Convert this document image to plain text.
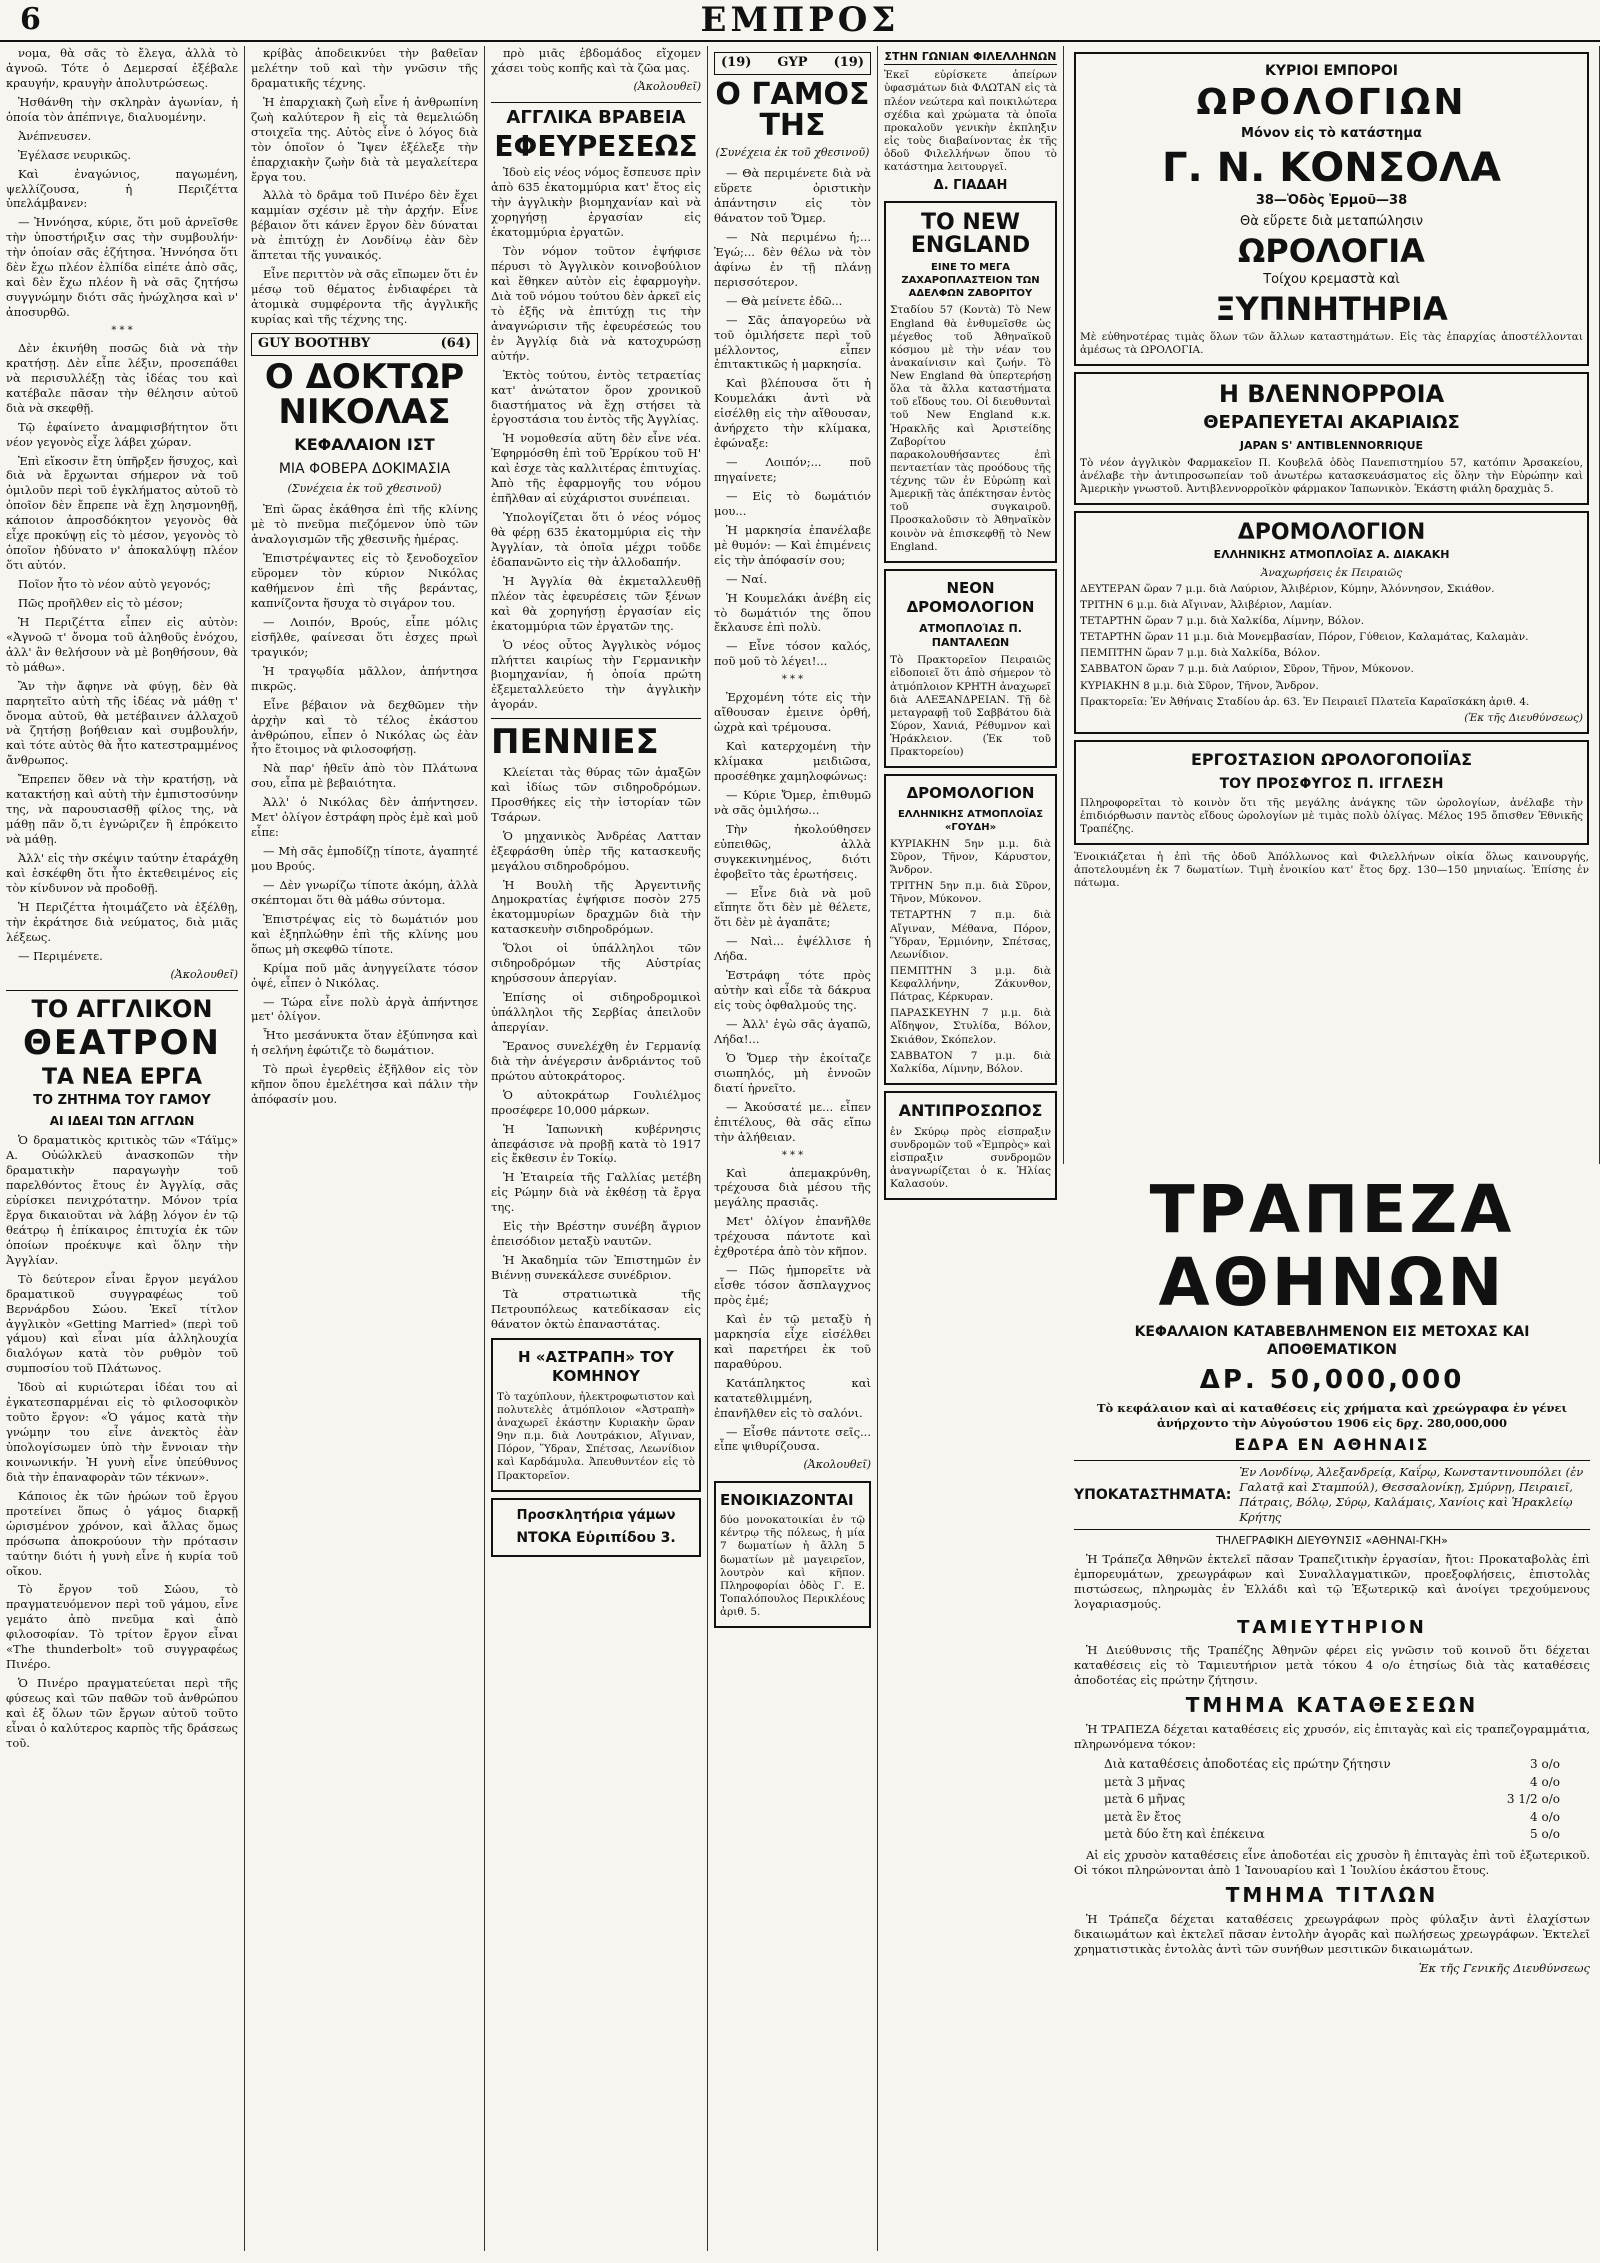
6	ΕΜΠΡΟΣ

νομα, θὰ σᾶς τὸ ἔλεγα, ἀλλὰ τὸ ἀγνοῶ. Τότε ὁ Δεμερσαί ἐξέβαλε κραυγήν, κραυγὴν ἀπολυτρώσεως.

Ἠσθάνθη τὴν σκληρὰν ἀγωνίαν, ἡ ὁποία τὸν ἀπέπνιγε, διαλυομένην.

Ἀνέπνευσεν.

Ἐγέλασε νευρικῶς.

Καὶ ἐναγώνιος, παγωμένη, ψελλίζουσα, ἡ Περιζέττα ὑπελάμβανεν:

— Ἠννόησα, κύριε, ὅτι μοῦ ἀρνεῖσθε τὴν ὑποστήριξιν σας τὴν συμβουλήν· τὴν ὁποίαν σᾶς ἐζήτησα. Ἠννόησα ὅτι δὲν ἔχω πλέον ἐλπίδα εἰπέτε ἀπὸ σᾶς, καὶ δὲν ἔχω πλέον ἢ νὰ σᾶς ζητήσω συγγνώμην διότι σᾶς ἠνώχλησα καὶ ν' ἀποσυρθῶ.

* * *

Δὲν ἐκινήθη ποσῶς διὰ νὰ τὴν κρατήσῃ. Δὲν εἶπε λέξιν, προσεπάθει νὰ περισυλλέξῃ τὰς ἰδέας του καὶ κατέβαλε πᾶσαν τὴν θέλησιν αὐτοῦ διὰ νὰ σκεφθῇ.

Τῷ ἐφαίνετο ἀναμφισβήτητον ὅτι νέον γεγονὸς εἶχε λάβει χώραν.

Ἐπὶ εἴκοσιν ἔτη ὑπῆρξεν ἥσυχος, καὶ διὰ νὰ ἔρχωνται σήμερον νὰ τοῦ ὁμιλοῦν περὶ τοῦ ἐγκλήματος αὐτοῦ τὸ ὁποῖον δὲν ἔπρεπε νὰ ἔχῃ λησμονηθῇ, κάποιον ἀπροσδόκητον γεγονὸς θὰ εἶχε προκύψῃ εἰς τὸ μέσον, γεγονὸς τὸ ὁποῖον ἠδύνατο ν' ἀποκαλύψῃ πλέον ὅτι αὐτόν.

Ποῖον ἦτο τὸ νέον αὐτὸ γεγονός;

Πῶς προῆλθεν εἰς τὸ μέσον;

Ἡ Περιζέττα εἶπεν εἰς αὐτὸν: «Ἀγνοῶ τ' ὄνομα τοῦ ἀληθοῦς ἐνόχου, ἀλλ' ἂν θελήσουν νὰ μὲ βοηθήσουν, θὰ τὸ μάθω».

Ἂν τὴν ἄφηνε νὰ φύγῃ, δὲν θὰ παρητεῖτο αὐτὴ τῆς ἰδέας νὰ μάθῃ τ' ὄνομα αὐτοῦ, θὰ μετέβαινεν ἀλλαχοῦ νὰ ζητήσῃ βοήθειαν καὶ συμβουλήν, καὶ τότε αὐτὸς θὰ ἦτο κατεστραμμένος ἄνθρωπος.

Ἔπρεπεν ὅθεν νὰ τὴν κρατήσῃ, νὰ κατακτήσῃ καὶ αὐτὴ τὴν ἐμπιστοσύνην της, νὰ παρουσιασθῇ φίλος της, νὰ μάθῃ πᾶν ὅ,τι ἐγνώριζεν ἢ ἐπρόκειτο νὰ μάθῃ.

Ἀλλ' εἰς τὴν σκέψιν ταύτην ἐταράχθη καὶ ἐσκέφθη ὅτι ἦτο ἐκτεθειμένος εἰς τὸν κίνδυνον νὰ προδοθῇ.

Ἡ Περιζέττα ἡτοιμάζετο νὰ ἐξέλθῃ, τὴν ἐκράτησε διὰ νεύματος, διὰ μιᾶς λέξεως.

— Περιμένετε.

(Ἀκολουθεῖ)
ΤΟ ΑΓΓΛΙΚΟΝ
ΘΕΑΤΡΟΝ
ΤΑ ΝΕΑ ΕΡΓΑ
ΤΟ ΖΗΤΗΜΑ ΤΟΥ ΓΑΜΟΥ
ΑΙ ΙΔΕΑΙ ΤΩΝ ΑΓΓΛΩΝ

Ὁ δραματικὸς κριτικὸς τῶν «Τάϊμς» Α. Οὐώλκλεϋ ἀνασκοπῶν τὴν δραματικὴν παραγωγὴν τοῦ παρελθόντος ἔτους ἐν Ἀγγλίᾳ, σᾶς εὑρίσκει πενιχρότατην. Μόνον τρία ἔργα δικαιοῦται νὰ λάβῃ λόγον ἐν τῷ θεάτρῳ ἡ ἐπίκαιρος ἐπιτυχία ἐκ τῶν ὁποίων προέκυψε καὶ ὅλην τὴν Ἀγγλίαν.

Τὸ δεύτερον εἶναι ἔργον μεγάλου δραματικοῦ συγγραφέως τοῦ Βερνάρδου Σώου. Ἐκεῖ τίτλον ἀγγλικὸν «Getting Married» (περὶ τοῦ γάμου) καὶ εἶναι μία ἀλληλουχία διαλόγων κατὰ τὸν ρυθμὸν τοῦ συμποσίου τοῦ Πλάτωνος.

Ἰδοὺ αἱ κυριώτεραι ἰδέαι του αἱ ἐγκατεσπαρμέναι εἰς τὸ φιλοσοφικὸν τοῦτο ἔργον: «Ὁ γάμος κατὰ τὴν γνώμην του εἶνε ἀνεκτὸς ἐὰν ὑπολογίσωμεν ὑπὸ τὴν ἔννοιαν τὴν κοινωνικήν. Ἡ γυνὴ εἶνε ὑπεύθυνος διὰ τὴν ἐπαναφορὰν τῶν τέκνων».

Κάποιος ἐκ τῶν ἡρώων τοῦ ἔργου προτείνει ὅπως ὁ γάμος διαρκῇ ὡρισμένον χρόνον, καὶ ἄλλας ὅμως πρόσωπα ἀποκρούουν τὴν πρότασιν ταύτην διότι ἡ γυνὴ εἶνε ἡ κυρία τοῦ οἴκου.

Τὸ ἔργον τοῦ Σώου, τὸ πραγματευόμενον περὶ τοῦ γάμου, εἶνε γεμάτο ἀπὸ πνεῦμα καὶ ἀπὸ φιλοσοφίαν. Τὸ τρίτον ἔργον εἶναι «The thunderbolt» τοῦ συγγραφέως Πινέρο.

Ὁ Πινέρο πραγματεύεται περὶ τῆς φύσεως καὶ τῶν παθῶν τοῦ ἀνθρώπου καὶ ἐξ ὅλων τῶν ἔργων αὐτοῦ τοῦτο εἶναι ὁ καλύτερος καρπὸς τῆς δράσεως τοῦ.

κρίβὰς ἀποδεικνύει τὴν βαθεῖαν μελέτην τοῦ καὶ τὴν γνῶσιν τῆς δραματικῆς τέχνης.

Ἡ ἐπαρχιακὴ ζωὴ εἶνε ἡ ἀνθρωπίνη ζωὴ καλύτερον ἢ εἰς τὰ θεμελιώδη στοιχεῖα της. Αὐτὸς εἶνε ὁ λόγος διὰ τὸν ὁποῖον ὁ Ἴψεν ἐξέλεξε τὴν ἐπαρχιακὴν ζωὴν διὰ τὰ μεγαλείτερα ἔργα του.

Ἀλλὰ τὸ δρᾶμα τοῦ Πινέρο δὲν ἔχει καμμίαν σχέσιν μὲ τὴν ἀρχήν. Εἶνε βέβαιον ὅτι κάνεν ἔργον δὲν δύναται νὰ ἐπιτύχῃ ἐν Λονδίνῳ ἐὰν δὲν ἅπτεται τῆς γυναικός.

Εἶνε περιττὸν νὰ σᾶς εἴπωμεν ὅτι ἐν μέσῳ τοῦ θέματος ἐνδιαφέρει τὰ ἀτομικὰ συμφέροντα τῆς ἀγγλικῆς κυρίας καὶ τῆς τέχνης της.

GUY BOOTHBY	(64)
Ο ΔΟΚΤΩΡ ΝΙΚΟΛΑΣ
ΚΕΦΑΛΑΙΟΝ ΙΣΤ
ΜΙΑ ΦΟΒΕΡΑ ΔΟΚΙΜΑΣΙΑ
(Συνέχεια ἐκ τοῦ χθεσινοῦ)

Ἐπὶ ὥρας ἐκάθησα ἐπὶ τῆς κλίνης μὲ τὸ πνεῦμα πιεζόμενον ὑπὸ τῶν ἀναλογισμῶν τῆς χθεσινῆς ἡμέρας.

Ἐπιστρέψαντες εἰς τὸ ξενοδοχεῖον εὕρομεν τὸν κύριον Νικόλας καθήμενον ἐπὶ τῆς βεράντας, καπνίζοντα ἥσυχα τὸ σιγάρον του.

— Λοιπόν, Βρούς, εἶπε μόλις εἰσῆλθε, φαίνεσαι ὅτι ἐσχες πρωὶ τραγικόν;

Ἡ τραγῳδία μᾶλλον, ἀπήντησα πικρῶς.

Εἶνε βέβαιον νὰ δεχθῶμεν τὴν ἀρχὴν καὶ τὸ τέλος ἐκάστου ἀνθρώπου, εἶπεν ὁ Νικόλας ὡς ἐὰν ἦτο ἕτοιμος νὰ φιλοσοφήσῃ.

Νὰ παρ' ἠθεῖν ἀπὸ τὸν Πλάτωνα σου, εἶπα μὲ βεβαιότητα.

Ἀλλ' ὁ Νικόλας δὲν ἀπήντησεν. Μετ' ὀλίγον ἐστράφη πρὸς ἐμὲ καὶ μοῦ εἶπε:

— Μὴ σᾶς ἐμποδίζῃ τίποτε, ἀγαπητέ μου Βρούς.

— Δὲν γνωρίζω τίποτε ἀκόμη, ἀλλὰ σκέπτομαι ὅτι θὰ μάθω σύντομα.

Ἐπιστρέψας εἰς τὸ δωμάτιόν μου καὶ ἐξηπλώθην ἐπὶ τῆς κλίνης μου ὅπως μὴ σκεφθῶ τίποτε.

Κρίμα ποῦ μᾶς ἀνηγγείλατε τόσον ὀψέ, εἶπεν ὁ Νικόλας.

— Τώρα εἶνε πολὺ ἀργὰ ἀπήντησε μετ' ὀλίγον.

Ἦτο μεσάνυκτα ὅταν ἐξύπνησα καὶ ἡ σελήνη ἐφώτιζε τὸ δωμάτιον.

Τὸ πρωὶ ἐγερθεὶς ἐξῆλθον εἰς τὸν κῆπον ὅπου ἐμελέτησα καὶ πάλιν τὴν ἀπόφασίν μου.

πρὸ μιᾶς ἑβδομάδος εἴχομεν χάσει τοὺς κοπῆς καὶ τὰ ζῶα μας.

(Ἀκολουθεῖ)
ΑΓΓΛΙΚΑ ΒΡΑΒΕΙΑ
ΕΦΕΥΡΕΣΕΩΣ

Ἰδοὺ εἰς νέος νόμος ἔσπευσε πρὶν ἀπὸ 635 ἐκατομμύρια κατ' ἔτος εἰς τὴν ἀγγλικὴν βιομηχανίαν καὶ νὰ χορηγήσῃ ἐργασίαν εἰς ἑκατομμύρια ἐργατῶν.

Τὸν νόμον τοῦτον ἐψήφισε πέρυσι τὸ Ἀγγλικὸν κοινοβούλιον καὶ ἔθηκεν αὐτὸν εἰς ἐφαρμογὴν. Διὰ τοῦ νόμου τούτου δὲν ἀρκεῖ εἰς τὸ ἑξῆς νὰ ἐπιτύχῃ τις τὴν ἀναγνώρισιν τῆς ἐφευρέσεώς του ἐν Ἀγγλίᾳ διὰ νὰ κατοχυρώσῃ αὐτήν.

Ἐκτὸς τούτου, ἐντὸς τετραετίας κατ' ἀνώτατον ὅρον χρονικοῦ διαστήματος νὰ ἔχῃ στήσει τὰ ἐργοστάσια του ἐντὸς τῆς Ἀγγλίας.

Ἡ νομοθεσία αὕτη δὲν εἶνε νέα. Ἐφηρμόσθη ἐπὶ τοῦ Ἑρρίκου τοῦ Η' καὶ ἐσχε τὰς καλλιτέρας ἐπιτυχίας. Ἀπὸ τῆς ἐφαρμογῆς του νόμου ἐπῆλθαν αἱ εὐχάριστοι συνέπειαι.

Ὑπολογίζεται ὅτι ὁ νέος νόμος θὰ φέρῃ 635 ἑκατομμύρια εἰς τὴν Ἀγγλίαν, τὰ ὁποῖα μέχρι τοῦδε ἐδαπανῶντο εἰς τὴν ἀλλοδαπήν.

Ἡ Ἀγγλία θὰ ἐκμεταλλευθῇ πλέον τὰς ἐφευρέσεις τῶν ξένων καὶ θὰ χορηγήσῃ ἐργασίαν εἰς ἑκατομμύρια τῶν ἐργατῶν της.

Ὁ νέος οὗτος Ἀγγλικὸς νόμος πλήττει καιρίως τὴν Γερμανικὴν βιομηχανίαν, ἡ ὁποία πρώτη ἐξεμεταλλεύετο τὴν ἀγγλικὴν ἀγοράν.

ΠΕΝΝΙΕΣ

Κλείεται τὰς θύρας τῶν ἀμαξῶν καὶ ἰδίως τῶν σιδηροδρόμων. Προσθήκες εἰς τὴν ἱστορίαν τῶν Τσάρων.

Ὁ μηχανικὸς Ἀνδρέας Λατταν ἐξεφράσθη ὑπὲρ τῆς κατασκευῆς μεγάλου σιδηροδρόμου.

Ἡ Βουλὴ τῆς Ἀργεντινῆς Δημοκρατίας ἐψήφισε ποσὸν 275 ἑκατομμυρίων δραχμῶν διὰ τὴν κατασκευὴν σιδηροδρόμων.

Ὅλοι οἱ ὑπάλληλοι τῶν σιδηροδρόμων τῆς Αὐστρίας κηρύσσουν ἀπεργίαν.

Ἐπίσης οἱ σιδηροδρομικοὶ ὑπάλληλοι τῆς Σερβίας ἀπειλοῦν ἀπεργίαν.

Ἔρανος συνελέχθη ἐν Γερμανίᾳ διὰ τὴν ἀνέγερσιν ἀνδριάντος τοῦ πρώτου αὐτοκράτορος.

Ὁ αὐτοκράτωρ Γουλιέλμος προσέφερε 10,000 μάρκων.

Ἡ Ἰαπωνικὴ κυβέρνησις ἀπεφάσισε νὰ προβῇ κατὰ τὸ 1917 εἰς ἔκθεσιν ἐν Τοκίῳ.

Ἡ Ἑταιρεία τῆς Γαλλίας μετέβη εἰς Ρώμην διὰ νὰ ἐκθέσῃ τὰ ἔργα της.

Εἰς τὴν Βρέστην συνέβη ἄγριον ἐπεισόδιον μεταξὺ ναυτῶν.

Ἡ Ἀκαδημία τῶν Ἐπιστημῶν ἐν Βιέννῃ συνεκάλεσε συνέδριον.

Τὰ στρατιωτικὰ τῆς Πετρουπόλεως κατεδίκασαν εἰς θάνατον ὀκτὼ ἐπαναστάτας.

Η «ΑΣΤΡΑΠΗ» ΤΟΥ ΚΟΜΗΝΟΥ

Τὸ ταχύπλουν, ἠλεκτροφωτιστον καὶ πολυτελὲς ἀτμόπλοιον «Ἀστραπὴ» ἀναχωρεῖ ἑκάστην Κυριακὴν ὥραν 9ην π.μ. διὰ Λουτράκιον, Αἴγιναν, Πόρον, Ὕδραν, Σπέτσας, Λεωνίδιον καὶ Καρδάμυλα. Ἀπευθυντέον εἰς τὸ Πρακτορεῖον.

Προσκλητήρια γάμων
ΝΤΟΚΑ Εὐριπίδου 3.
(19) GYP (19)
Ο ΓΑΜΟΣ ΤΗΣ
(Συνέχεια ἐκ τοῦ χθεσινοῦ)

— Θὰ περιμένετε διὰ νὰ εὕρετε ὁριστικὴν ἀπάντησιν εἰς τὸν θάνατον τοῦ Ὄμερ.

— Νὰ περιμένω ἡ;... Ἐγώ;... δὲν θέλω νὰ τὸν ἀφίνω ἐν τῇ πλάνῃ περισσότερον.

— Θὰ μείνετε ἐδῶ...

— Σᾶς ἀπαγορεύω νὰ τοῦ ὁμιλήσετε περὶ τοῦ μέλλοντος, εἶπεν ἐπιτακτικῶς ἡ μαρκησία.

Καὶ βλέπουσα ὅτι ἡ Κουμελάκι ἀντὶ νὰ εἰσέλθῃ εἰς τὴν αἴθουσαν, ἀνήρχετο τὴν κλίμακα, ἐφώναξε:

— Λοιπόν;... ποῦ πηγαίνετε;

— Εἰς τὸ δωμάτιόν μου...

Ἡ μαρκησία ἐπανέλαβε μὲ θυμόν: — Καὶ ἐπιμένεις εἰς τὴν ἀπόφασίν σου;

— Ναί.

Ἡ Κουμελάκι ἀνέβη εἰς τὸ δωμάτιόν της ὅπου ἔκλαυσε ἐπὶ πολὺ.

— Εἶνε τόσον καλός, ποῦ μοῦ τὸ λέγει!...

* * *

Ἐρχομένη τότε εἰς τὴν αἴθουσαν ἐμεινε ὀρθή, ὠχρὰ καὶ τρέμουσα.

Καὶ κατερχομένη τὴν κλίμακα μειδιῶσα, προσέθηκε χαμηλοφώνως:

— Κύριε Ὄμερ, ἐπιθυμῶ νὰ σᾶς ὁμιλήσω...

Τὴν ἠκολούθησεν εὐπειθῶς, ἀλλὰ συγκεκινημένος, διότι ἐφοβεῖτο τὰς ἐρωτήσεις.

— Εἶνε διὰ νὰ μοῦ εἴπητε ὅτι δὲν μὲ θέλετε, ὅτι δὲν μὲ ἀγαπᾶτε;

— Ναὶ... ἐψέλλισε ἡ Λήδα.

Ἐστράφη τότε πρὸς αὐτὴν καὶ εἶδε τὰ δάκρυα εἰς τοὺς ὀφθαλμούς της.

— Ἀλλ' ἐγὼ σᾶς ἀγαπῶ, Λήδα!...

Ὁ Ὄμερ τὴν ἐκοίταζε σιωπηλός, μὴ ἐννοῶν διατί ἠρνεῖτο.

— Ἀκούσατέ με... εἶπεν ἐπιτέλους, θὰ σᾶς εἴπω τὴν ἀλήθειαν.

* * *

Καὶ ἀπεμακρύνθη, τρέχουσα διὰ μέσου τῆς μεγάλης πρασιᾶς.

Μετ' ὀλίγον ἐπανῆλθε τρέχουσα πάντοτε καὶ ἐχθροτέρα ἀπὸ τὸν κῆπον.

— Πῶς ἠμπορεῖτε νὰ εἶσθε τόσον ἄσπλαγχνος πρὸς ἐμέ;

Καὶ ἐν τῷ μεταξὺ ἡ μαρκησία εἶχε εἰσέλθει καὶ παρετήρει ἐκ τοῦ παραθύρου.

Κατάπληκτος καὶ κατατεθλιμμένη, ἐπανῆλθεν εἰς τὸ σαλόνι.

— Εἶσθε πάντοτε σεῖς... εἶπε ψιθυρίζουσα.

(Ἀκολουθεῖ)
ΕΝΟΙΚΙΑΖΟΝΤΑΙ

δύο μονοκατοικίαι ἐν τῷ κέντρῳ τῆς πόλεως, ἡ μία 7 δωματίων ἡ ἄλλη 5 δωματίων μὲ μαγειρεῖον, λουτρὸν καὶ κῆπον. Πληροφορίαι ὁδὸς Γ. Ε. Τοπαλόπουλος Περικλέους ἀριθ. 5.

ΣΤΗΝ ΓΩΝΙΑΝ ΦΙΛΕΛΛΗΝΩΝ

Ἐκεῖ εὑρίσκετε ἀπείρων ὑφασμάτων διὰ ΦΛΩΤΑΝ εἰς τὰ πλέον νεώτερα καὶ ποικιλώτερα σχέδια καὶ χρώματα τὰ ὁποῖα προκαλοῦν γενικὴν ἐκπληξιν εἰς τοὺς διαβαίνοντας ἐκ τῆς ὁδοῦ Φιλελλήνων ὅπου τὸ κατάστημα λειτουργεῖ.

Δ. ΓΙΑΔΑΗ
ΤΟ NEW ENGLAND
ΕΙΝΕ ΤΟ ΜΕΓΑ ΖΑΧΑΡΟΠΛΑΣΤΕΙΟΝ ΤΩΝ ΑΔΕΛΦΩΝ ΖΑΒΟΡΙΤΟΥ

Σταδίου 57 (Κοντὰ) Τὸ New England θὰ ἐνθυμεῖσθε ὡς μέγεθος τοῦ Ἀθηναϊκοῦ κόσμου μὲ τὴν νέαν του ἀνακαίνισιν καὶ ζωήν. Τὸ New England θὰ ὑπερτερήσῃ ὅλα τὰ ἄλλα καταστήματα τοῦ εἴδους του. Οἱ διευθυνταὶ τοῦ New England κ.κ. Ἠρακλῆς καὶ Ἀριστείδης Ζαβορίτου παρακολουθήσαντες ἐπὶ πενταετίαν τὰς προόδους τῆς τέχνης τῶν ἐν Εὐρώπῃ καὶ Ἀμερικῇ τὰς ἀπέκτησαν ἐντὸς τοῦ συγκαιροῦ. Προσκαλοῦσιν τὸ Ἀθηναϊκὸν κοινὸν νὰ ἐπισκεφθῇ τὸ New England.

ΝΕΟΝ ΔΡΟΜΟΛΟΓΙΟΝ
ΑΤΜΟΠΛΟΊΑΣ Π. ΠΑΝΤΑΛΕΩΝ

Τὸ Πρακτορεῖον Πειραιῶς εἰδοποιεῖ ὅτι ἀπὸ σήμερον τὸ ἀτμόπλοιον ΚΡΗΤΗ ἀναχωρεῖ διὰ ΑΛΕΞΑΝΔΡΕΙΑΝ. Τῇ δὲ μεταγραφῇ τοῦ Σαββάτου διὰ Σύρον, Χανιά, Ρέθυμνον καὶ Ἡράκλειον. (Ἐκ τοῦ Πρακτορείου)

ΔΡΟΜΟΛΟΓΙΟΝ
ΕΛΛΗΝΙΚΗΣ ΑΤΜΟΠΛΟΪΑΣ «ΓΟΥΔΗ»

ΚΥΡΙΑΚΗΝ 5ην μ.μ. διὰ Σῦρον, Τῆνον, Κάρυστον, Ἄνδρον.

ΤΡΙΤΗΝ 5ην π.μ. διὰ Σῦρον, Τῆνον, Μύκονον.

ΤΕΤΑΡΤΗΝ 7 π.μ. διὰ Αἴγιναν, Μέθανα, Πόρον, Ὕδραν, Ἑρμιόνην, Σπέτσας, Λεωνίδιον.

ΠΕΜΠΤΗΝ 3 μ.μ. διὰ Κεφαλλήνην, Ζάκυνθον, Πάτρας, Κέρκυραν.

ΠΑΡΑΣΚΕΥΗΝ 7 μ.μ. διὰ Αἴδηψον, Στυλίδα, Βόλον, Σκιάθον, Σκόπελον.

ΣΑΒΒΑΤΟΝ 7 μ.μ. διὰ Χαλκίδα, Λίμνην, Βόλον.

ΑΝΤΙΠΡΟΣΩΠΟΣ

ἐν Σκύρῳ πρὸς εἰσπραξιν συνδρομῶν τοῦ «Ἐμπρὸς» καὶ εἰσπραξιν συνδρομῶν ἀναγνωρίζεται ὁ κ. Ἠλίας Καλασούν.

ΚΥΡΙΟΙ ΕΜΠΟΡΟΙ
ΩΡΟΛΟΓΙΩΝ
Μόνον εἰς τὸ κατάστημα
Γ. Ν. ΚΟΝΣΟΛΑ
38—Ὁδὸς Ἑρμοῦ—38
Θὰ εὕρετε διὰ μεταπώλησιν
ΩΡΟΛΟΓΙΑ
Τοίχου κρεμαστὰ καὶ
ΞΥΠΝΗΤΗΡΙΑ

Μὲ εὐθηνοτέρας τιμὰς ὅλων τῶν ἄλλων καταστημάτων. Εἰς τὰς ἐπαρχίας ἀποστέλλονται ἀμέσως τὰ ΩΡΟΛΟΓΙΑ.

Η ΒΛΕΝΝΟΡΡΟΙΑ
ΘΕΡΑΠΕΥΕΤΑΙ ΑΚΑΡΙΑΙΩΣ
JAPAN S' ANTIBLENNORRIQUE

Τὸ νέον ἀγγλικὸν Φαρμακεῖον Π. Κουβελᾶ ὁδὸς Πανεπιστημίου 57, κατόπιν Ἀρσακείου, ἀνέλαβε τὴν ἀντιπροσωπείαν τοῦ ἀνωτέρω κατασκευάσματος εἰς ὅλην τὴν Εὐρώπην καὶ Ἀμερικὴν γνωστοῦ. Ἀντιβλεννορροϊκὸν φάρμακον Ἰαπωνικὸν. Ἐκάστη φιάλη δραχμὰς 5.

ΔΡΟΜΟΛΟΓΙΟΝ
ΕΛΛΗΝΙΚΗΣ ΑΤΜΟΠΛΟΪΑΣ Α. ΔΙΑΚΑΚΗ

Ἀναχωρήσεις ἐκ Πειραιῶς

ΔΕΥΤΕΡΑΝ ὥραν 7 μ.μ. διὰ Λαύριον, Ἀλιβέριον, Κύμην, Ἀλόννησον, Σκιάθον.

ΤΡΙΤΗΝ 6 μ.μ. διὰ Αἴγιναν, Ἀλιβέριον, Λαμίαν.

ΤΕΤΑΡΤΗΝ ὥραν 7 μ.μ. διὰ Χαλκίδα, Λίμνην, Βόλον.

ΤΕΤΑΡΤΗΝ ὥραν 11 μ.μ. διὰ Μονεμβασίαν, Πόρον, Γύθειον, Καλαμάτας, Καλαμὰν.

ΠΕΜΠΤΗΝ ὥραν 7 μ.μ. διὰ Χαλκίδα, Βόλον.

ΣΑΒΒΑΤΟΝ ὥραν 7 μ.μ. διὰ Λαύριον, Σῦρον, Τῆνον, Μύκονον.

ΚΥΡΙΑΚΗΝ 8 μ.μ. διὰ Σῦρον, Τῆνον, Ἄνδρον.

Πρακτορεῖα: Ἐν Ἀθήναις Σταδίου ἀρ. 63. Ἐν Πειραιεῖ Πλατεῖα Καραϊσκάκη ἀριθ. 4.

(Ἐκ τῆς Διευθύνσεως)

ΕΡΓΟΣΤΑΣΙΟΝ ΩΡΟΛΟΓΟΠΟΙΪΑΣ
ΤΟΥ ΠΡΟΣΦΥΓΟΣ Π. ΙΓΓΛΕΣΗ

Πληροφορεῖται τὸ κοινὸν ὅτι τῆς μεγάλης ἀνάγκης τῶν ὡρολογίων, ἀνέλαβε τὴν ἐπιδιόρθωσιν παντὸς εἴδους ὡρολογίων μὲ τιμὰς πολὺ ὀλίγας. Μέλος 195 ὄπισθεν Ἐθνικῆς Τραπέζης.

Ἐνοικιάζεται ἡ ἐπὶ τῆς ὁδοῦ Ἀπόλλωνος καὶ Φιλελλήνων οἰκία ὅλως καινουργής, ἀποτελουμένη ἐκ 7 δωματίων. Τιμὴ ἐνοικίου κατ' ἔτος δρχ. 130—150 μηνιαίως. Ἐπίσης ἐν πάτωμα.

ΤΡΑΠΕΖΑ ΑΘΗΝΩΝ
ΚΕΦΑΛΑΙΟΝ ΚΑΤΑΒΕΒΛΗΜΕΝΟΝ ΕΙΣ ΜΕΤΟΧΑΣ ΚΑΙ ΑΠΟΘΕΜΑΤΙΚΟΝ
ΔΡ. 50,000,000

Τὸ κεφάλαιον καὶ αἱ καταθέσεις εἰς χρήματα καὶ χρεώγραφα ἐν γένει ἀνήρχοντο τὴν Αὐγούστου 1906 εἰς δρχ. 280,000,000

ΕΔΡΑ ΕΝ ΑΘΗΝΑΙΣ
ΥΠΟΚΑΤΑΣΤΗΜΑΤΑ:
Ἐν Λονδίνῳ, Ἀλεξανδρείᾳ, Καΐρῳ, Κωνσταντινουπόλει (ἐν Γαλατᾷ καὶ Σταμπούλ), Θεσσαλονίκῃ, Σμύρνῃ, Πειραιεῖ, Πάτραις, Βόλῳ, Σύρῳ, Καλάμαις, Χανίοις καὶ Ἡρακλείῳ Κρήτης
ΤΗΛΕΓΡΑΦΙΚΗ ΔΙΕΥΘΥΝΣΙΣ «ΑΘΗΝΑΙ-ΓΚΗ»

Ἡ Τράπεζα Ἀθηνῶν ἐκτελεῖ πᾶσαν Τραπεζιτικὴν ἐργασίαν, ἤτοι: Προκαταβολὰς ἐπὶ ἐμπορευμάτων, χρεωγράφων καὶ Συναλλαγματικῶν, προεξοφλήσεις, ἐπιστολὰς πιστώσεως, πληρωμὰς ἐν Ἑλλάδι καὶ τῷ Ἐξωτερικῷ καὶ ἀνοίγει τρεχούμενους λογαριασμούς.

ΤΑΜΙΕΥΤΗΡΙΟΝ

Ἡ Διεύθυνσις τῆς Τραπέζης Ἀθηνῶν φέρει εἰς γνῶσιν τοῦ κοινοῦ ὅτι δέχεται καταθέσεις εἰς τὸ Ταμιευτήριον μετὰ τόκου 4 ο/ο ἐτησίως διὰ τὰς καταθέσεις ἀποδοτέας εἰς πρώτην ζήτησιν.

ΤΜΗΜΑ ΚΑΤΑΘΕΣΕΩΝ

Ἡ ΤΡΑΠΕΖΑ δέχεται καταθέσεις εἰς χρυσόν, εἰς ἐπιταγὰς καὶ εἰς τραπεζογραμμάτια, πληρωνόμενα τόκον:

Διὰ καταθέσεις ἀποδοτέας εἰς πρώτην ζήτησιν	3 ο/ο
μετὰ 3 μῆνας	4 ο/ο
μετὰ 6 μῆνας	3 1/2 ο/ο
μετὰ ἓν ἔτος	4 ο/ο
μετὰ δύο ἔτη καὶ ἐπέκεινα	5 ο/ο

Αἱ εἰς χρυσὸν καταθέσεις εἶνε ἀποδοτέαι εἰς χρυσὸν ἢ ἐπιταγὰς ἐπὶ τοῦ ἐξωτερικοῦ. Οἱ τόκοι πληρώνονται ἀπὸ 1 Ἰανουαρίου καὶ 1 Ἰουλίου ἑκάστου ἔτους.

ΤΜΗΜΑ ΤΙΤΛΩΝ

Ἡ Τράπεζα δέχεται καταθέσεις χρεωγράφων πρὸς φύλαξιν ἀντὶ ἐλαχίστων δικαιωμάτων καὶ ἐκτελεῖ πᾶσαν ἐντολὴν ἀγορᾶς καὶ πωλήσεως χρεωγράφων. Ἐκτελεῖ χρηματιστικὰς ἐντολὰς ἀντὶ τῶν συνήθων μεσιτικῶν δικαιωμάτων.

Ἐκ τῆς Γενικῆς Διευθύνσεως
